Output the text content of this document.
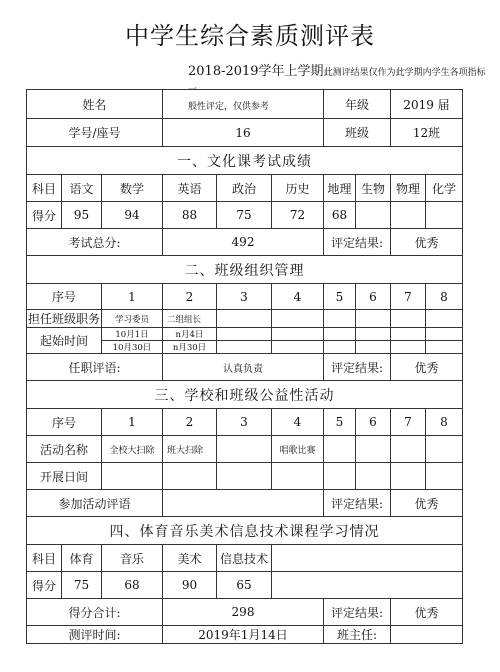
中学生综合素质测评表
2018-2019学年上学期此测评结果仅作为此学期内学生各项指标一
般性评定，仅供参考
姓名						年级		2019 届	
学号/座号			16			班级		12班	
一、文化课考试成绩									
科目	语文	数学	英语	政治	历史	地理	生物	物理	化学
得分	95	94	88	75	72	68			
考试总分:			492			评定结果:		优秀	
二、班级组织管理									
序号		1	2	3	4	5	6	7	8
担任班级职务		学习委员	二组组长						
起始时间		10月1日	n月4日						
		10月30日	n月30日						
任职评语:			认真负责			评定结果:		优秀	
三、学校和班级公益性活动									
序号		1	2	3	4	5	6	7	8
活动名称		全校大扫除	班大扫除		唱歌比赛				
开展日间									
参加活动评语						评定结果:		优秀	
四、体育音乐美术信息技术课程学习情况									
科目	体育	音乐	美术	信息技术					
得分	75	68	90	65					
得分合计:			298			评定结果:		优秀	
测评时间:			2019年1月14日			班主任:			
